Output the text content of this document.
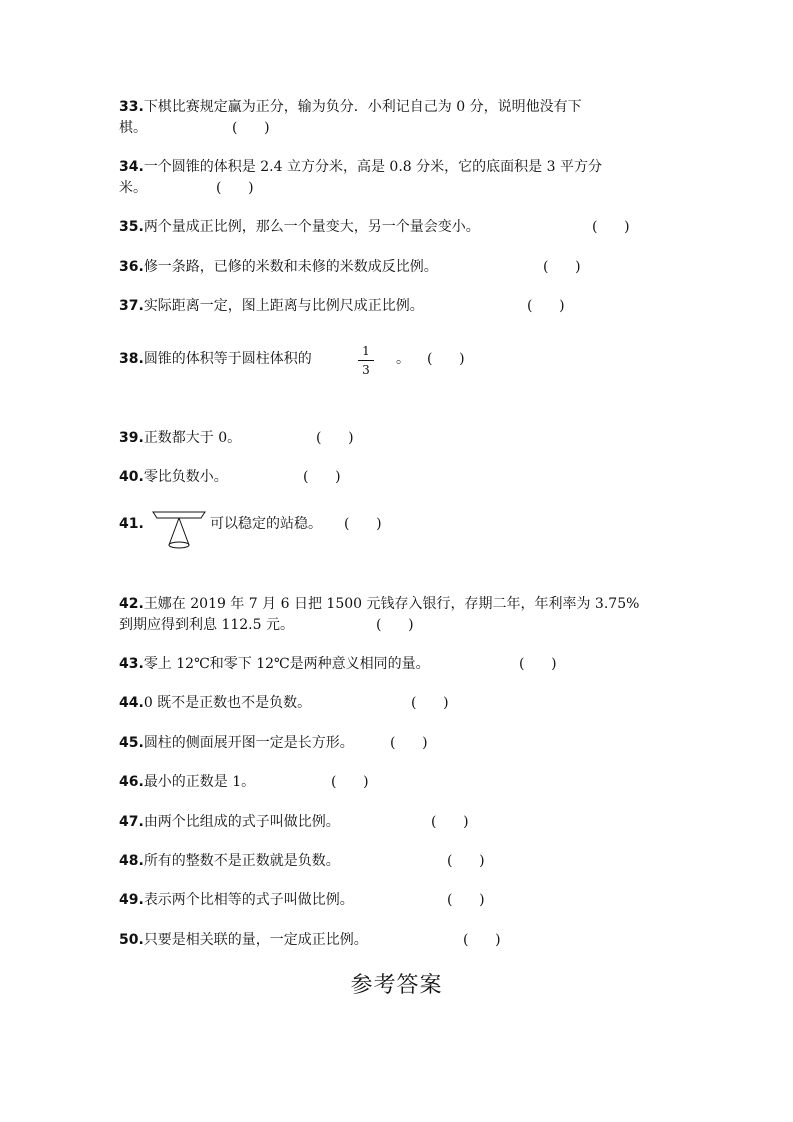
33.下棋比赛规定赢为正分，输为负分．小利记自己为 0 分，说明他没有下
棋。	(      )
34.一个圆锥的体积是 2.4 立方分米，高是 0.8 分米，它的底面积是 3 平方分
米。	(      )
35.两个量成正比例，那么一个量变大，另一个量会变小。	(      )
36.修一条路，已修的米数和未修的米数成反比例。	(      )
37.实际距离一定，图上距离与比例尺成正比例。	(      )
38.圆锥的体积等于圆柱体积的	1
3
。 (      )
39.正数都大于 0。	(      )
40.零比负数小。	(      )
41.	可以稳定的站稳。 (      )
42.王娜在 2019 年 7 月 6 日把 1500 元钱存入银行，存期二年，年利率为 3.75%
到期应得到利息 112.5 元。	(      )
43.零上 12℃和零下 12℃是两种意义相同的量。	(      )
44.0 既不是正数也不是负数。	(      )
45.圆柱的侧面展开图一定是长方形。	(      )
46.最小的正数是 1。	(      )
47.由两个比组成的式子叫做比例。	(      )
48.所有的整数不是正数就是负数。	(      )
49.表示两个比相等的式子叫做比例。	(      )
50.只要是相关联的量，一定成正比例。	(      )
参考答案
